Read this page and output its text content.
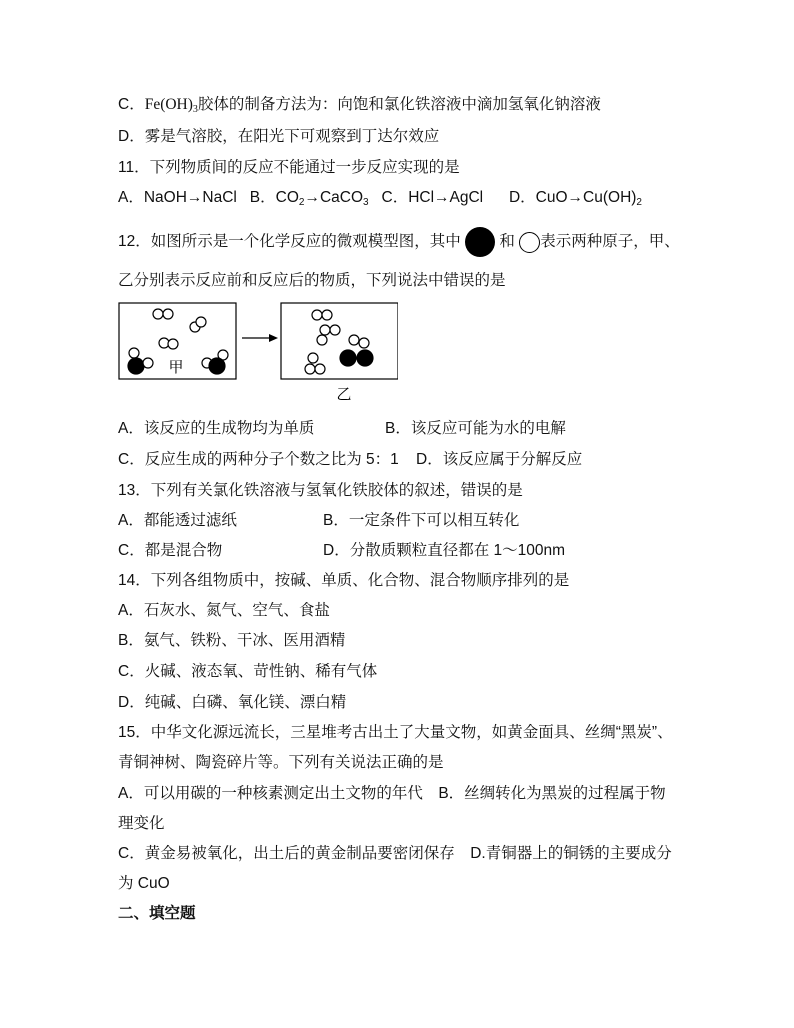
C．$Fe(OH)_3$胶体的制备方法为：向饱和氯化铁溶液中滴加氢氧化钠溶液
D．雾是气溶胶，在阳光下可观察到丁达尔效应
11．下列物质间的反应不能通过一步反应实现的是
A．NaOH→NaCl B．$CO_2\to CaCO_3$ C．HCl→AgCl D．$CuO\to Cu(OH)_2$
12．如图所示是一个化学反应的微观模型图，其中 和 表示两种原子，甲、
乙分别表示反应前和反应后的物质，下列说法中错误的是
甲
乙
A．该反应的生成物均为单质	B．该反应可能为水的电解
C．反应生成的两种分子个数之比为 5：1 D．该反应属于分解反应
13．下列有关氯化铁溶液与氢氧化铁胶体的叙述，错误的是
A．都能透过滤纸	B．一定条件下可以相互转化
C．都是混合物	D．分散质颗粒直径都在 1～100nm
14．下列各组物质中，按碱、单质、化合物、混合物顺序排列的是
A．石灰水、氮气、空气、食盐
B．氨气、铁粉、干冰、医用酒精
C．火碱、液态氧、苛性钠、稀有气体
D．纯碱、白磷、氧化镁、漂白精
15．中华文化源远流长，三星堆考古出土了大量文物，如黄金面具、丝绸“黑炭”、
青铜神树、陶瓷碎片等。下列有关说法正确的是
A．可以用碳的一种核素测定出土文物的年代　B．丝绸转化为黑炭的过程属于物
理变化
C．黄金易被氧化，出土后的黄金制品要密闭保存　D.青铜器上的铜锈的主要成分
为 CuO
二、填空题
